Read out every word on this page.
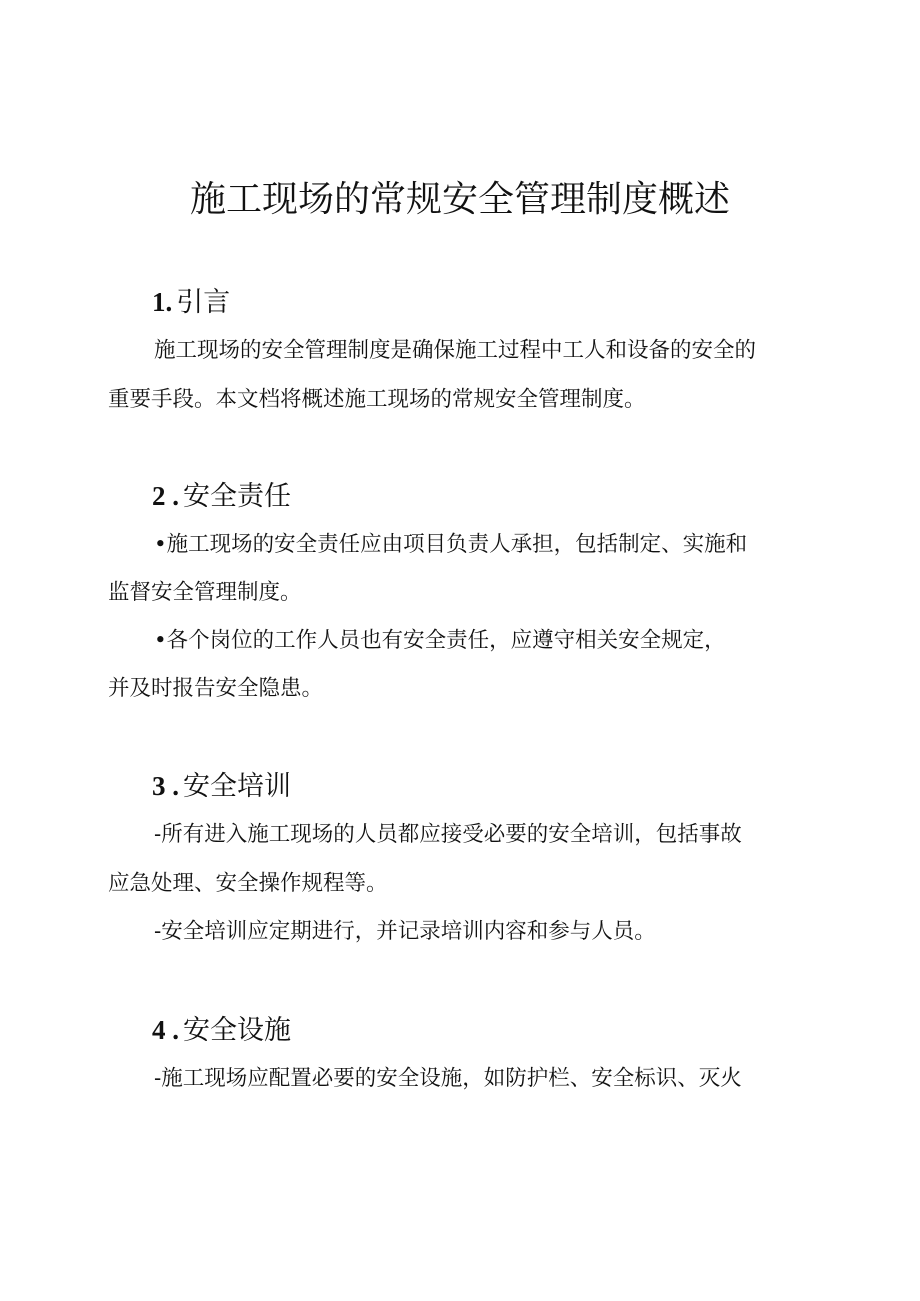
施工现场的常规安全管理制度概述
1. 引言
施工现场的安全管理制度是确保施工过程中工人和设备的安全的
重要手段。本文档将概述施工现场的常规安全管理制度。
2 . 安全责任
•施工现场的安全责任应由项目负责人承担，包括制定、实施和
监督安全管理制度。
•各个岗位的工作人员也有安全责任，应遵守相关安全规定，
并及时报告安全隐患。
3 . 安全培训
-所有进入施工现场的人员都应接受必要的安全培训，包括事故
应急处理、安全操作规程等。
-安全培训应定期进行，并记录培训内容和参与人员。
4 . 安全设施
-施工现场应配置必要的安全设施，如防护栏、安全标识、灭火
